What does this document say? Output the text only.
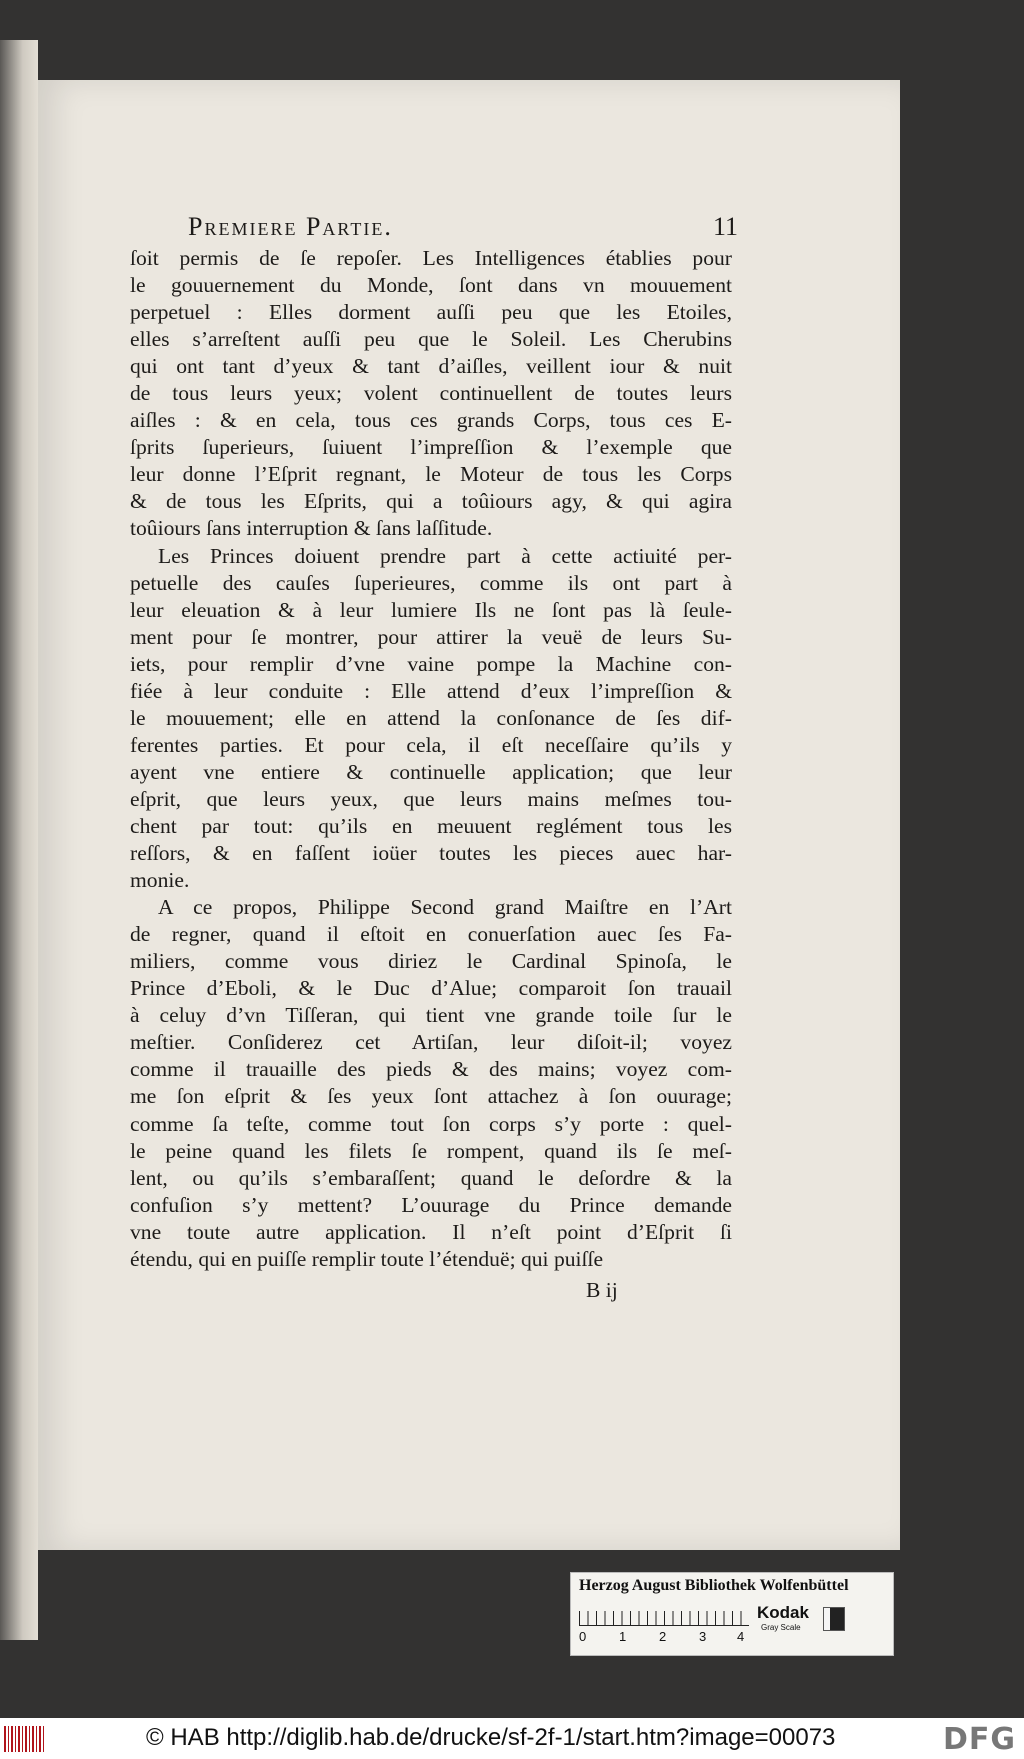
Premiere Partie.	11
ſoit permis de ſe repoſer. Les Intelligences établies pour
le gouuernement du Monde, ſont dans vn mouuement
perpetuel : Elles dorment auſſi peu que les Etoiles,
elles s’arreſtent auſſi peu que le Soleil. Les Cherubins
qui ont tant d’yeux & tant d’aiſles, veillent iour & nuit
de tous leurs yeux; volent continuellent de toutes leurs
aiſles : & en cela, tous ces grands Corps, tous ces E-
ſprits ſuperieurs, ſuiuent l’impreſſion & l’exemple que
leur donne l’Eſprit regnant, le Moteur de tous les Corps
& de tous les Eſprits, qui a toûiours agy, & qui agira
toûiours ſans interruption & ſans laſſitude.
Les Princes doiuent prendre part à cette actiuité per-
petuelle des cauſes ſuperieures, comme ils ont part à
leur eleuation & à leur lumiere Ils ne ſont pas là ſeule-
ment pour ſe montrer, pour attirer la veuë de leurs Su-
iets, pour remplir d’vne vaine pompe la Machine con-
fiée à leur conduite : Elle attend d’eux l’impreſſion &
le mouuement; elle en attend la conſonance de ſes dif-
ferentes parties. Et pour cela, il eſt neceſſaire qu’ils y
ayent vne entiere & continuelle application; que leur
eſprit, que leurs yeux, que leurs mains meſmes tou-
chent par tout: qu’ils en meuuent reglément tous les
reſſors, & en faſſent ioüer toutes les pieces auec har-
monie.
A ce propos, Philippe Second grand Maiſtre en l’Art
de regner, quand il eſtoit en conuerſation auec ſes Fa-
miliers, comme vous diriez le Cardinal Spinoſa, le
Prince d’Eboli, & le Duc d’Alue; comparoit ſon trauail
à celuy d’vn Tiſſeran, qui tient vne grande toile ſur le
meſtier. Conſiderez cet Artiſan, leur diſoit-il; voyez
comme il trauaille des pieds & des mains; voyez com-
me ſon eſprit & ſes yeux ſont attachez à ſon ouurage;
comme ſa teſte, comme tout ſon corps s’y porte : quel-
le peine quand les filets ſe rompent, quand ils ſe meſ-
lent, ou qu’ils s’embaraſſent; quand le deſordre & la
confuſion s’y mettent? L’ouurage du Prince demande
vne toute autre application. Il n’eſt point d’Eſprit ſi
étendu, qui en puiſſe remplir toute l’étenduë; qui puiſſe
B ij
Herzog August Bibliothek Wolfenbüttel
0	1	2	3 4
Kodak
Gray Scale
© HAB http://diglib.hab.de/drucke/sf-2f-1/start.htm?image=00073	DFG
